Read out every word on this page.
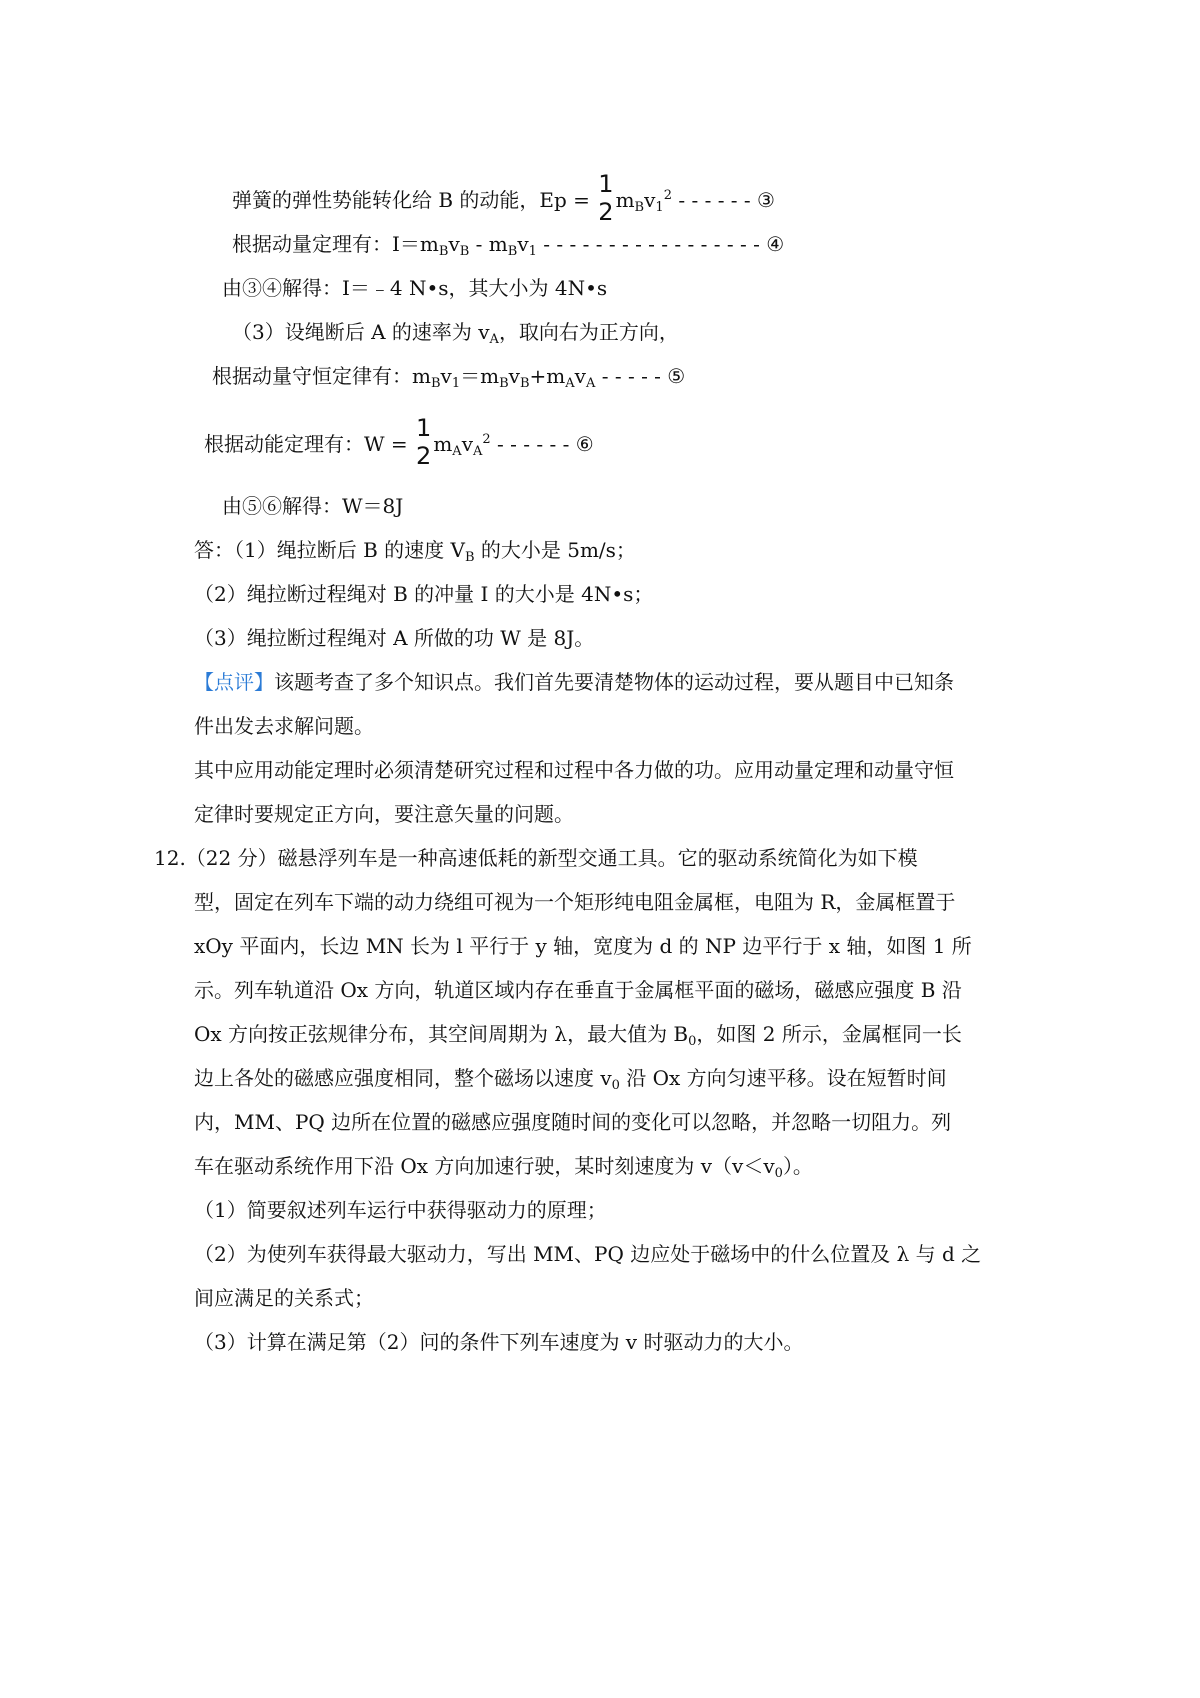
弹簧的弹性势能转化给 B 的动能，Ep =
1
2 $m_Bv_1^2$ - - - - - - ③
根据动量定理有：$I=m_Bv_B - m_Bv_1$ - - - - - - - - - - - - - - - - - ④
由③④解得：I＝﹣4 N•s，其大小为 4N•s
（3）设绳断后 A 的速率为 $v_A$，取向右为正方向，
根据动量守恒定律有：$m_Bv_1=m_Bv_B+m_Av_A$ - - - - - ⑤
根据动能定理有：W =
1
2 $m_Av_A^2$ - - - - - - ⑥
由⑤⑥解得：W＝8J
答：（1）绳拉断后 B 的速度 $V_B$ 的大小是 5m/s；
（2）绳拉断过程绳对 B 的冲量 I 的大小是 4N•s；
（3）绳拉断过程绳对 A 所做的功 W 是 8J。
【点评】该题考查了多个知识点。我们首先要清楚物体的运动过程，要从题目中已知条
件出发去求解问题。
其中应用动能定理时必须清楚研究过程和过程中各力做的功。应用动量定理和动量守恒
定律时要规定正方向，要注意矢量的问题。
12.（22 分）磁悬浮列车是一种高速低耗的新型交通工具。它的驱动系统简化为如下模
型，固定在列车下端的动力绕组可视为一个矩形纯电阻金属框，电阻为 R，金属框置于
xOy 平面内，长边 MN 长为 l 平行于 y 轴，宽度为 d 的 NP 边平行于 x 轴，如图 1 所
示。列车轨道沿 Ox 方向，轨道区域内存在垂直于金属框平面的磁场，磁感应强度 B 沿
Ox 方向按正弦规律分布，其空间周期为 λ，最大值为 $B_0$，如图 2 所示，金属框同一长
边上各处的磁感应强度相同，整个磁场以速度 $v_0$ 沿 Ox 方向匀速平移。设在短暂时间
内，MM、PQ 边所在位置的磁感应强度随时间的变化可以忽略，并忽略一切阻力。列
车在驱动系统作用下沿 Ox 方向加速行驶，某时刻速度为 $v(v<v_0)$。
（1）简要叙述列车运行中获得驱动力的原理；
（2）为使列车获得最大驱动力，写出 MM、PQ 边应处于磁场中的什么位置及 λ 与 d 之
间应满足的关系式；
（3）计算在满足第（2）问的条件下列车速度为 v 时驱动力的大小。
